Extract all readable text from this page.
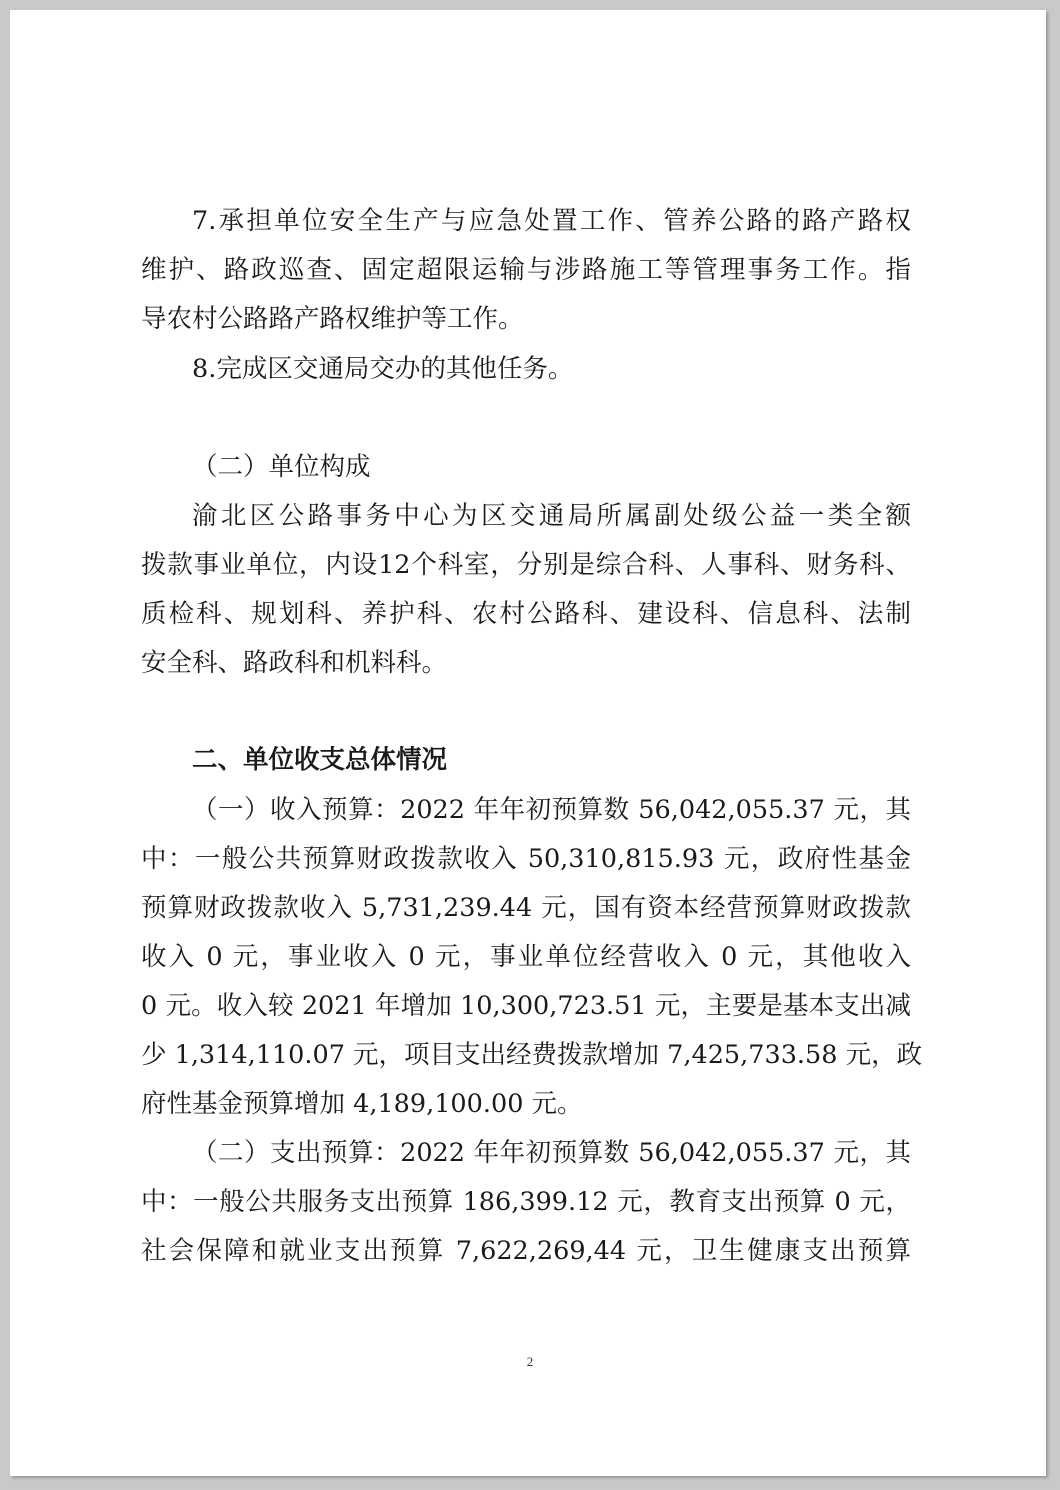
7.承担单位安全生产与应急处置工作、管养公路的路产路权
维护、路政巡查、固定超限运输与涉路施工等管理事务工作。指
导农村公路路产路权维护等工作。
8.完成区交通局交办的其他任务。
（二）单位构成
渝北区公路事务中心为区交通局所属副处级公益一类全额
拨款事业单位，内设12个科室，分别是综合科、人事科、财务科、
质检科、规划科、养护科、农村公路科、建设科、信息科、法制
安全科、路政科和机料科。
二、单位收支总体情况
（一）收入预算：2022 年年初预算数 56,042,055.37 元，其
中：一般公共预算财政拨款收入 50,310,815.93 元，政府性基金
预算财政拨款收入 5,731,239.44 元，国有资本经营预算财政拨款
收入 0 元，事业收入 0 元，事业单位经营收入 0 元，其他收入
0 元。收入较 2021 年增加 10,300,723.51 元，主要是基本支出减
少 1,314,110.07 元，项目支出经费拨款增加 7,425,733.58 元，政
府性基金预算增加 4,189,100.00 元。
（二）支出预算：2022 年年初预算数 56,042,055.37 元，其
中：一般公共服务支出预算 186,399.12 元，教育支出预算 0 元，
社会保障和就业支出预算 7,622,269,44 元，卫生健康支出预算
2
